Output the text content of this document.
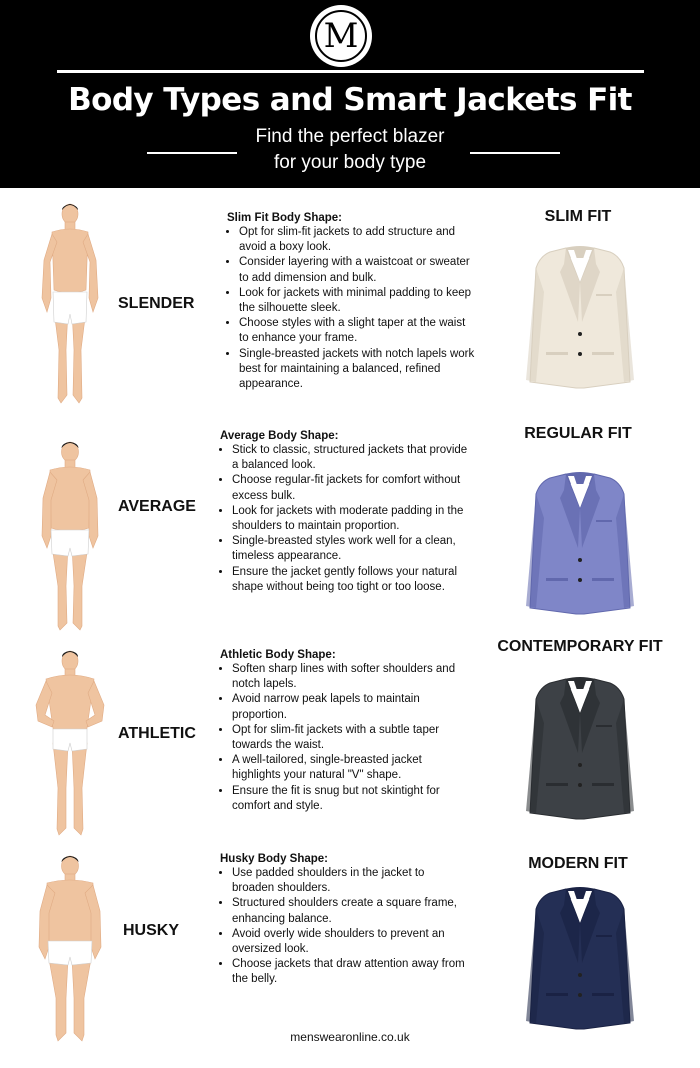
M
Body Types and Smart Jackets Fit
Find the perfect blazer
for your body type
SLENDER
Slim Fit Body Shape:
• Opt for slim-fit jackets to add structure and avoid a boxy look.
• Consider layering with a waistcoat or sweater to add dimension and bulk.
• Look for jackets with minimal padding to keep the silhouette sleek.
• Choose styles with a slight taper at the waist to enhance your frame.
• Single-breasted jackets with notch lapels work best for maintaining a balanced, refined appearance.
SLIM FIT
AVERAGE
Average Body Shape:
• Stick to classic, structured jackets that provide a balanced look.
• Choose regular-fit jackets for comfort without excess bulk.
• Look for jackets with moderate padding in the shoulders to maintain proportion.
• Single-breasted styles work well for a clean, timeless appearance.
• Ensure the jacket gently follows your natural shape without being too tight or too loose.
REGULAR FIT
ATHLETIC
Athletic Body Shape:
• Soften sharp lines with softer shoulders and notch lapels.
• Avoid narrow peak lapels to maintain proportion.
• Opt for slim-fit jackets with a subtle taper towards the waist.
• A well-tailored, single-breasted jacket highlights your natural "V" shape.
• Ensure the fit is snug but not skintight for comfort and style.
CONTEMPORARY FIT
HUSKY
Husky Body Shape:
• Use padded shoulders in the jacket to broaden shoulders.
• Structured shoulders create a square frame, enhancing balance.
• Avoid overly wide shoulders to prevent an oversized look.
• Choose jackets that draw attention away from the belly.
MODERN FIT
menswearonline.co.uk
